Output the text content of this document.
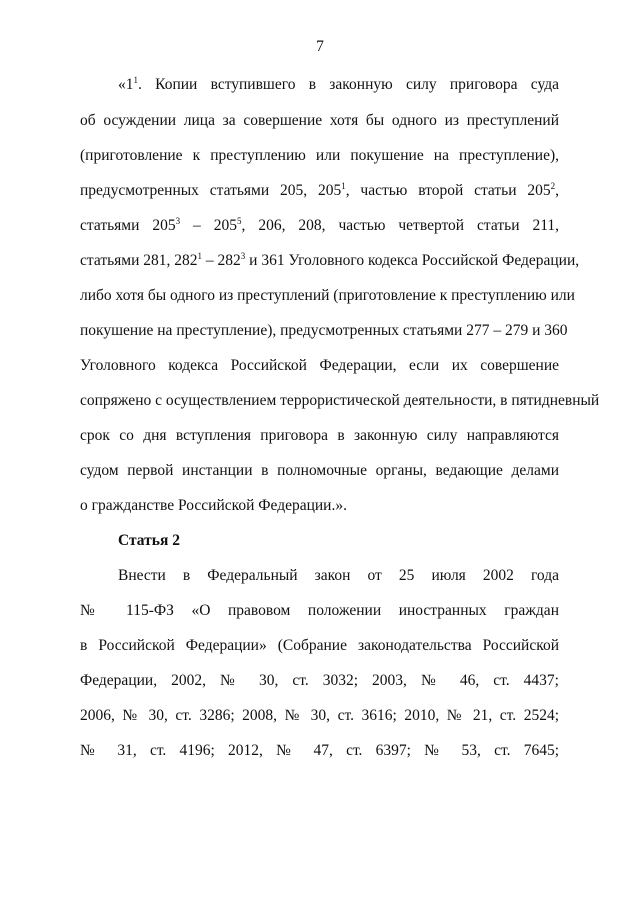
7
«$1^1$. Копии вступившего в законную силу приговора суда
об осуждении лица за совершение хотя бы одного из преступлений
(приготовление к преступлению или покушение на преступление),
предусмотренных статьями 205, $205^1$, частью второй статьи $205^2$,
статьями $205^3 - 205^5$, 206, 208, частью четвертой статьи 211,
статьями 281, $282^1 - 282^3$ и 361 Уголовного кодекса Российской Федерации,
либо хотя бы одного из преступлений (приготовление к преступлению или
покушение на преступление), предусмотренных статьями 277 – 279 и 360
Уголовного кодекса Российской Федерации, если их совершение
сопряжено с осуществлением террористической деятельности, в пятидневный
срок со дня вступления приговора в законную силу направляются
судом первой инстанции в полномочные органы, ведающие делами
о гражданстве Российской Федерации.».
Статья 2
Внести в Федеральный закон от 25 июля 2002 года
№ 115-ФЗ «О правовом положении иностранных граждан
в Российской Федерации» (Собрание законодательства Российской
Федерации, 2002, № 30, ст. 3032; 2003, № 46, ст. 4437;
2006, № 30, ст. 3286; 2008, № 30, ст. 3616; 2010, № 21, ст. 2524;
№ 31, ст. 4196; 2012, № 47, ст. 6397; № 53, ст. 7645;
